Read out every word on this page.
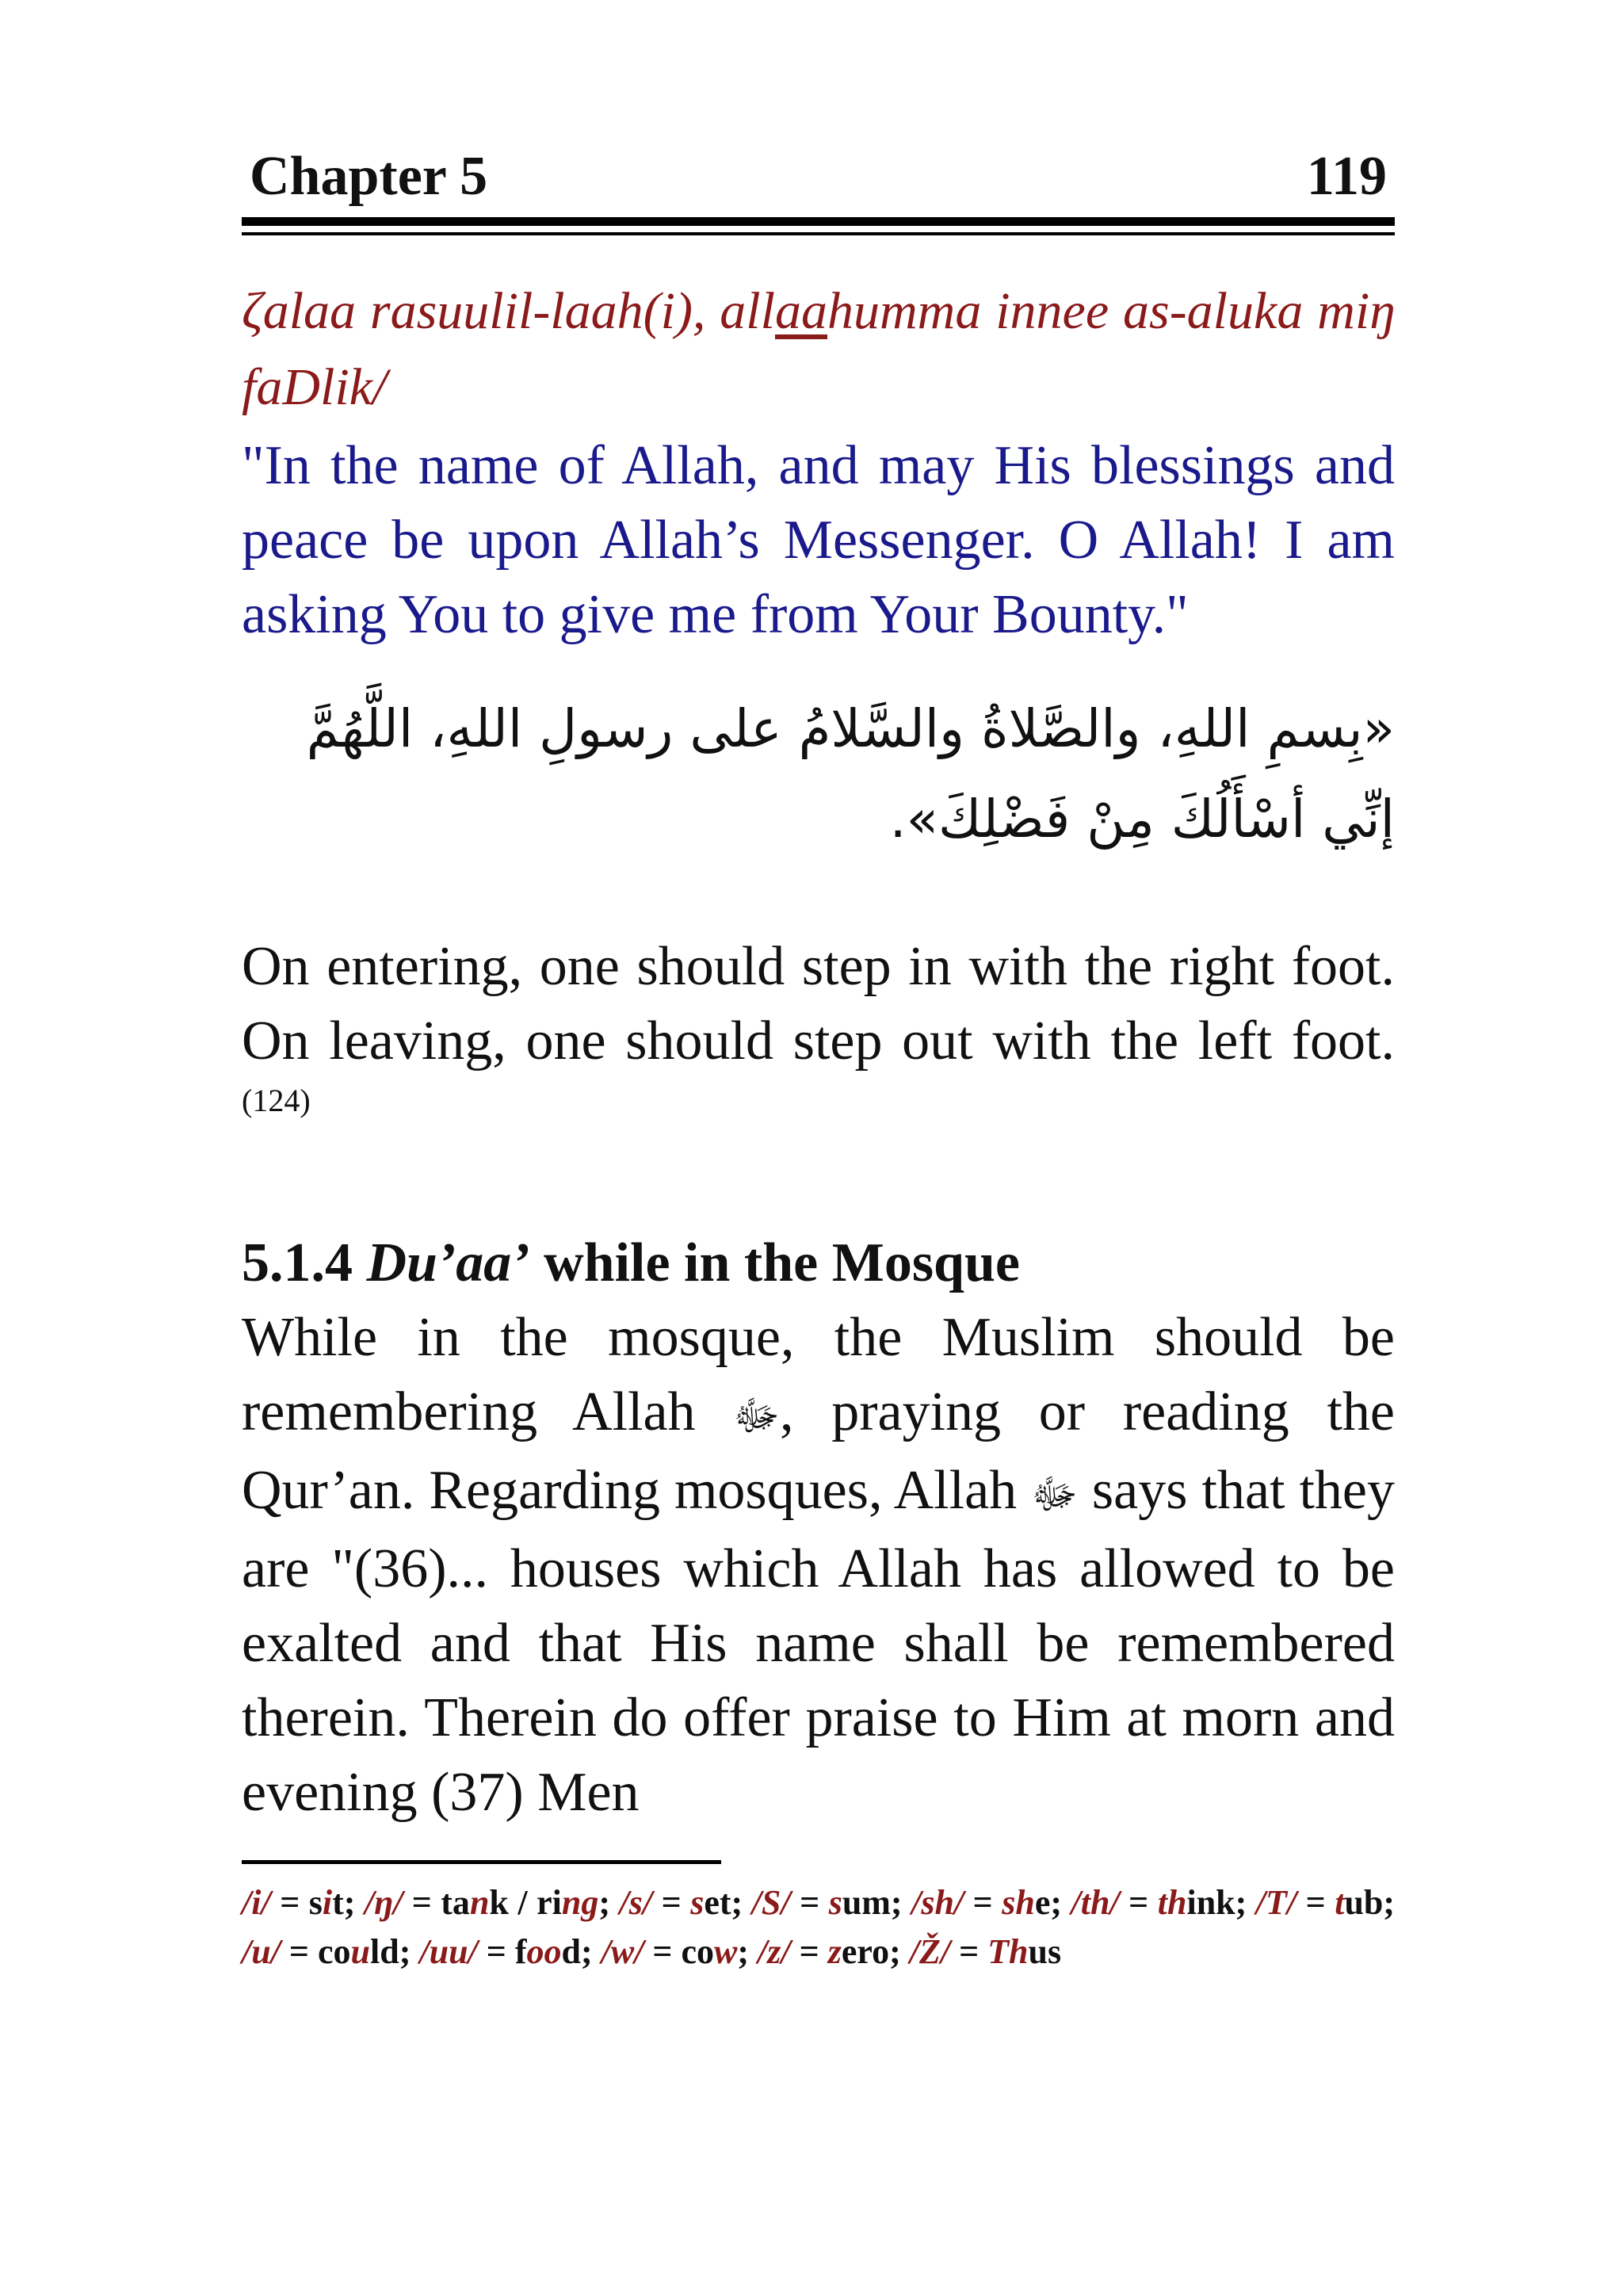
Chapter 5	119
ζalaa rasuulil-laah(i), allaahumma innee as-aluka miŋ faDlik/
"In the name of Allah, and may His blessings and peace be upon Allah’s Messenger. O Allah! I am asking You to give me from Your Bounty."
«بِسمِ اللهِ، والصَّلاةُ والسَّلامُ على رسولِ اللهِ، اللَّهُمَّ إنِّي أسْأَلُكَ مِنْ فَضْلِكَ».
On entering, one should step in with the right foot. On leaving, one should step out with the left foot.$^{(124)}$
5.1.4 Du’aa’ while in the Mosque
While in the mosque, the Muslim should be remembering Allah ﷻ, praying or reading the Qur’an. Regarding mosques, Allah ﷻ says that they are "(36)... houses which Allah has allowed to be exalted and that His name shall be remembered therein. Therein do offer praise to Him at morn and evening (37) Men
/i/ = sit; /ŋ/ = tank / ring; /s/ = set; /S/ = sum; /sh/ = she; /th/ = think; /T/ = tub; /u/ = could; /uu/ = food; /w/ = cow; /z/ = zero; /Ž/ = Thus
